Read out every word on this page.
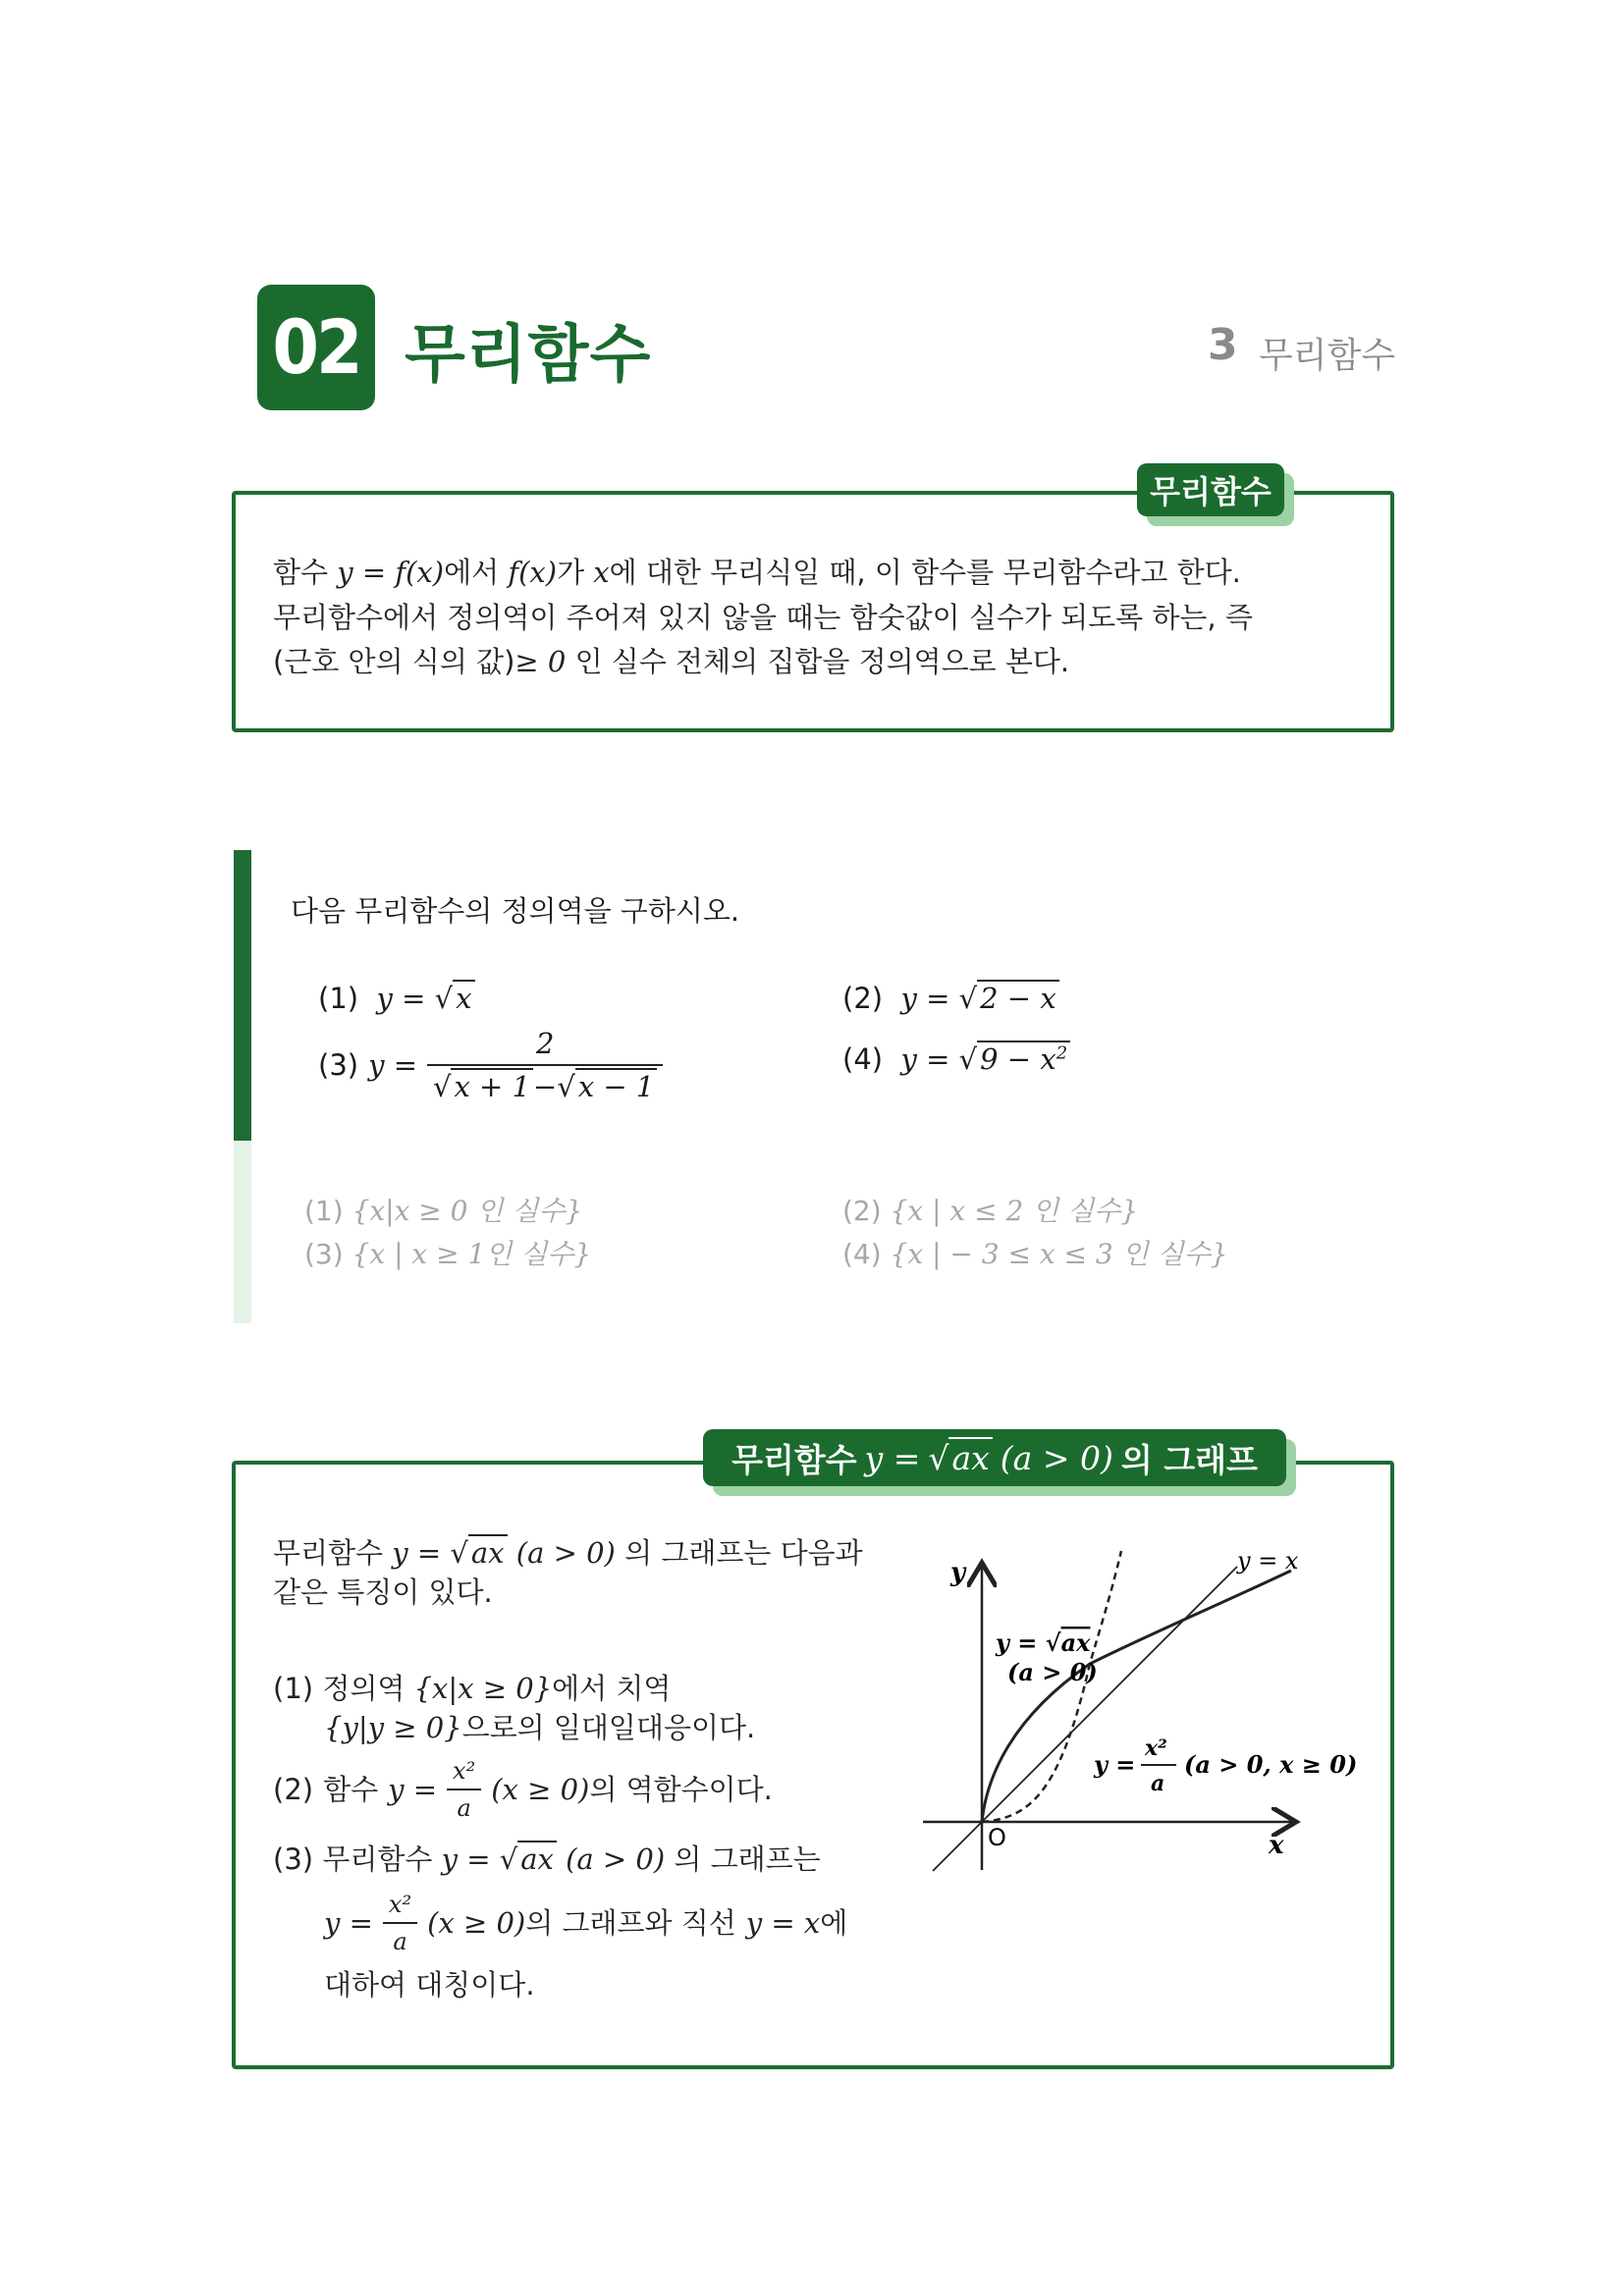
02 무리함수	3 무리함수
무리함수
함수 y = f(x)에서 f(x)가 x에 대한 무리식일 때, 이 함수를 무리함수라고 한다.
무리함수에서 정의역이 주어져 있지 않을 때는 함숫값이 실수가 되도록 하는, 즉
(근호 안의 식의 값)≥ 0 인 실수 전체의 집합을 정의역으로 본다.
다음 무리함수의 정의역을 구하시오.
(1) y = √ x	(2) y = √ 2 − x
(3) $y = \frac{2}{√ x + 1 -√ x - 1}$	(4) y = √ $9 - x^2$
(1) {x|x ≥ 0 인 실수}	(2) {x | x ≤ 2 인 실수}
(3) {x | x ≥ 1인 실수}	(4) {x | − 3 ≤ x ≤ 3 인 실수}
무리함수 y = √ax (a > 0) 의 그래프
무리함수 y = √ ax (a > 0) 의 그래프는 다음과
같은 특징이 있다.
(1) 정의역 {x|x ≥ 0}에서 치역
{y|y ≥ 0}으로의 일대일대응이다.
(2) 함수 $y = \frac{\text{x²}}{a} (x \ge 0)$ 의 역함수이다.
(3) 무리함수 y = √ ax (a > 0) 의 그래프는
$y = \frac{\text{x²}}{a} (x \ge 0)$ 의 그래프와 직선 y = x 에
대하여 대칭이다.
y
x
O
y = x
y = √ax
(a > 0)
y =
x²
a
(a > 0, x ≥ 0)
